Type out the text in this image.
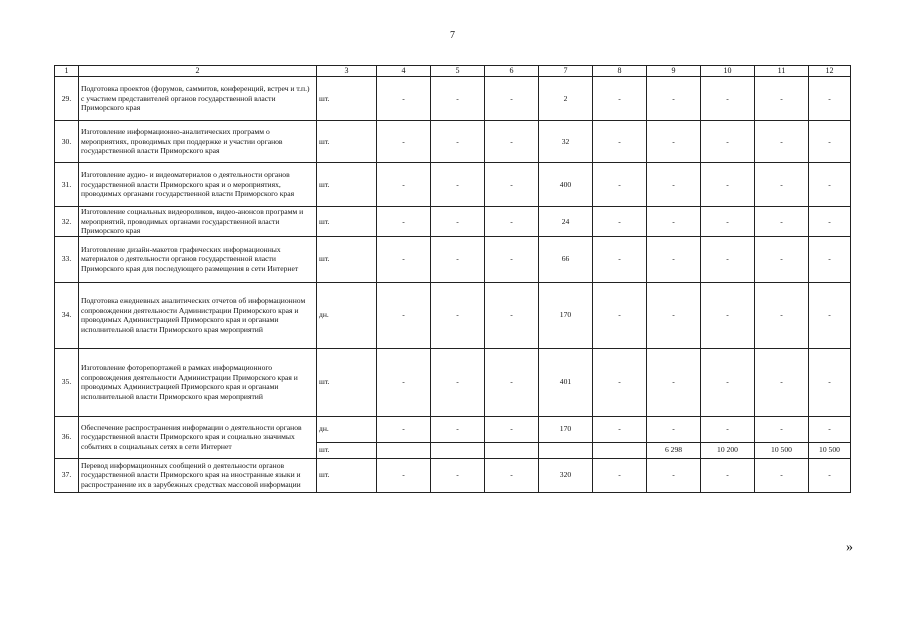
7
1	2	3	4	5	6	7	8	9	10	11	12
29.	Подготовка проектов (форумов, саммитов, конференций, встреч и т.п.) с участием представителей органов государственной власти Приморского края	шт.	-	-	-	2	-	-	-	-	-
30.	Изготовление информационно-аналитических программ о мероприятиях, проводимых при поддержке и участии органов государственной власти Приморского края	шт.	-	-	-	32	-	-	-	-	-
31.	Изготовление аудио- и видеоматериалов о деятельности органов государственной власти Приморского края и о мероприятиях, проводимых органами государственной власти Приморского края	шт.	-	-	-	400	-	-	-	-	-
32.	Изготовление социальных видеороликов, видео-анонсов программ и мероприятий, проводимых органами государственной власти Приморского края	шт.	-	-	-	24	-	-	-	-	-
33.	Изготовление дизайн-макетов графических информационных материалов о деятельности органов государственной власти Приморского края для последующего размещения в сети Интернет	шт.	-	-	-	66	-	-	-	-	-
34.	Подготовка ежедневных аналитических отчетов об информационном сопровождении деятельности Администрации Приморского края и проводимых Администрацией Приморского края и органами исполнительной власти Приморского края мероприятий	дн.	-	-	-	170	-	-	-	-	-
35.	Изготовление фоторепортажей в рамках информационного сопровождения деятельности Администрации Приморского края и проводимых Администрацией Приморского края и органами исполнительной власти Приморского края мероприятий	шт.	-	-	-	401	-	-	-	-	-
36.	Обеспечение распространения информации о деятельности органов государственной власти Приморского края и социально значимых событиях в социальных сетях в сети Интернет	дн.	-	-	-	170	-	-	-	-	-
		шт.						6 298	10 200	10 500	10 500
37.	Перевод информационных сообщений о деятельности органов государственной власти Приморского края на иностранные языки и распространение их в зарубежных средствах массовой информации	шт.	-	-	-	320	-	-	-	-	-
»
